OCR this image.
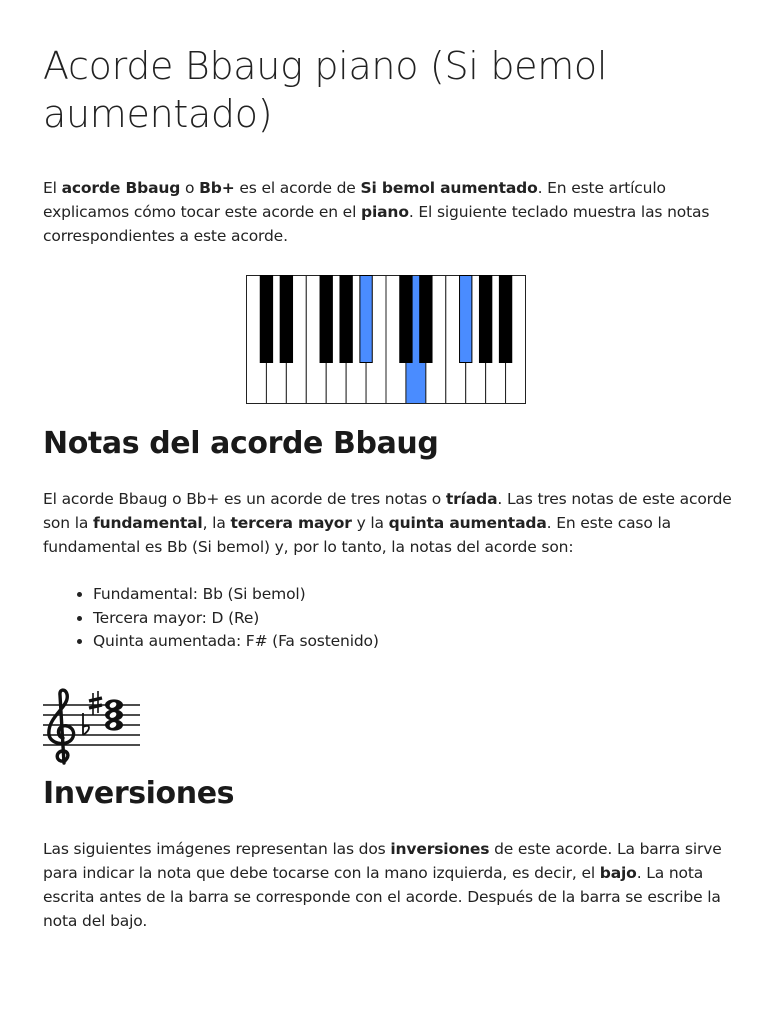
Acorde Bbaug piano (Si bemol aumentado)

El acorde Bbaug o Bb+ es el acorde de Si bemol aumentado. En este artículo explicamos cómo tocar este acorde en el piano. El siguiente teclado muestra las notas correspondientes a este acorde.

Notas del acorde Bbaug

El acorde Bbaug o Bb+ es un acorde de tres notas o tríada. Las tres notas de este acorde son la fundamental, la tercera mayor y la quinta aumentada. En este caso la fundamental es Bb (Si bemol) y, por lo tanto, la notas del acorde son:

• Fundamental: Bb (Si bemol)
• Tercera mayor: D (Re)
• Quinta aumentada: F# (Fa sostenido)
Inversiones

Las siguientes imágenes representan las dos inversiones de este acorde. La barra sirve para indicar la nota que debe tocarse con la mano izquierda, es decir, el bajo. La nota escrita antes de la barra se corresponde con el acorde. Después de la barra se escribe la nota del bajo.
